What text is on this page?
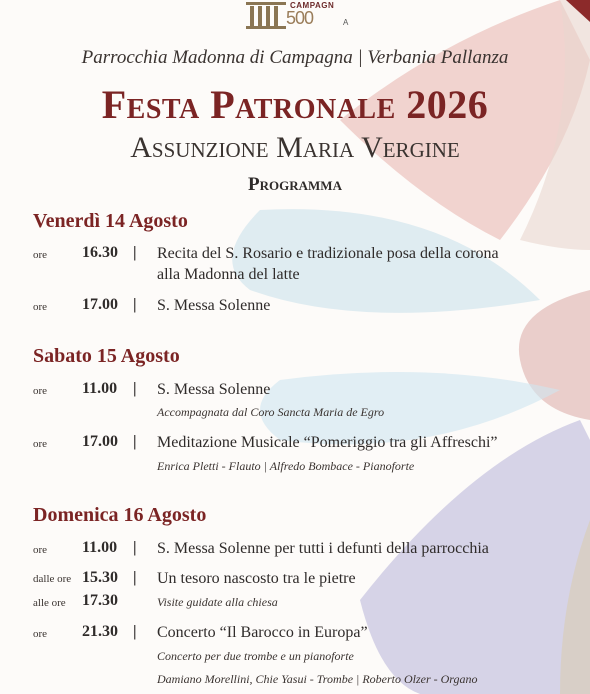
CAMPAGN
500	A
Parrocchia Madonna di Campagna | Verbania Pallanza
Festa Patronale 2026
Assunzione Maria Vergine
Programma
Venerdì 14 Agosto
ore 16.30 | Recita del S. Rosario e tradizionale posa della corona
alla Madonna del latte
ore 17.00 | S. Messa Solenne
Sabato 15 Agosto
ore 11.00 | S. Messa Solenne
Accompagnata dal Coro Sancta Maria de Egro
ore 17.00 | Meditazione Musicale “Pomeriggio tra gli Affreschi”
Enrica Pletti - Flauto | Alfredo Bombace - Pianoforte
Domenica 16 Agosto
ore 11.00 | S. Messa Solenne per tutti i defunti della parrocchia
dalle ore 15.30 | Un tesoro nascosto tra le pietre
alle ore 17.30	Visite guidate alla chiesa
ore 21.30 | Concerto “Il Barocco in Europa”
Concerto per due trombe e un pianoforte
Damiano Morellini, Chie Yasui - Trombe | Roberto Olzer - Organo
